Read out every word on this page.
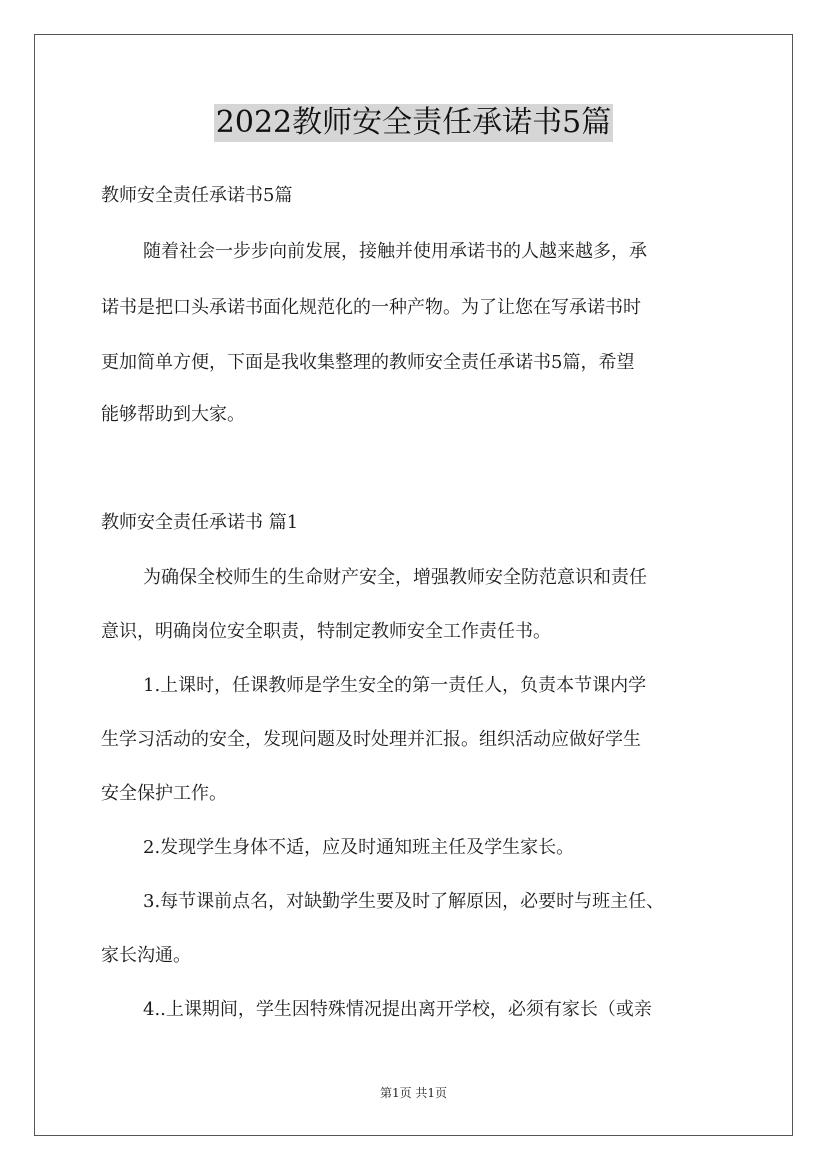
2022教师安全责任承诺书5篇
教师安全责任承诺书5篇
随着社会一步步向前发展，接触并使用承诺书的人越来越多，承
诺书是把口头承诺书面化规范化的一种产物。为了让您在写承诺书时
更加简单方便，下面是我收集整理的教师安全责任承诺书5篇，希望
能够帮助到大家。
教师安全责任承诺书 篇1
为确保全校师生的生命财产安全，增强教师安全防范意识和责任
意识，明确岗位安全职责，特制定教师安全工作责任书。
1.上课时，任课教师是学生安全的第一责任人，负责本节课内学
生学习活动的安全，发现问题及时处理并汇报。组织活动应做好学生
安全保护工作。
2.发现学生身体不适，应及时通知班主任及学生家长。
3.每节课前点名，对缺勤学生要及时了解原因，必要时与班主任、
家长沟通。
4..上课期间，学生因特殊情况提出离开学校，必须有家长（或亲
第1页 共1页
